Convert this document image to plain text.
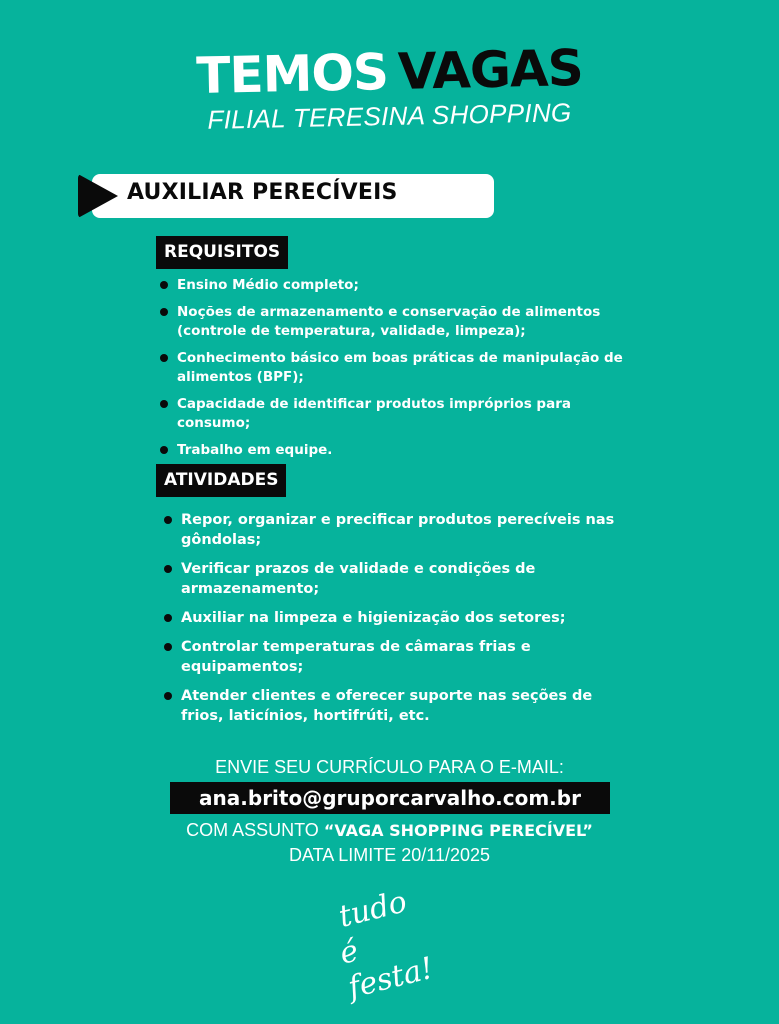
TEMOS VAGAS
FILIAL TERESINA SHOPPING
AUXILIAR PERECÍVEIS
REQUISITOS
Ensino Médio completo;
Noções de armazenamento e conservação de alimentos (controle de temperatura, validade, limpeza);
Conhecimento básico em boas práticas de manipulação de alimentos (BPF);
Capacidade de identificar produtos impróprios para consumo;
Trabalho em equipe.
ATIVIDADES
Repor, organizar e precificar produtos perecíveis nas gôndolas;
Verificar prazos de validade e condições de armazenamento;
Auxiliar na limpeza e higienização dos setores;
Controlar temperaturas de câmaras frias e equipamentos;
Atender clientes e oferecer suporte nas seções de frios, laticínios, hortifrúti, etc.
ENVIE SEU CURRÍCULO PARA O E-MAIL:
ana.brito@gruporcarvalho.com.br
COM ASSUNTO “VAGA SHOPPING PERECÍVEL”
DATA LIMITE 20/11/2025
tudo
é festa!
